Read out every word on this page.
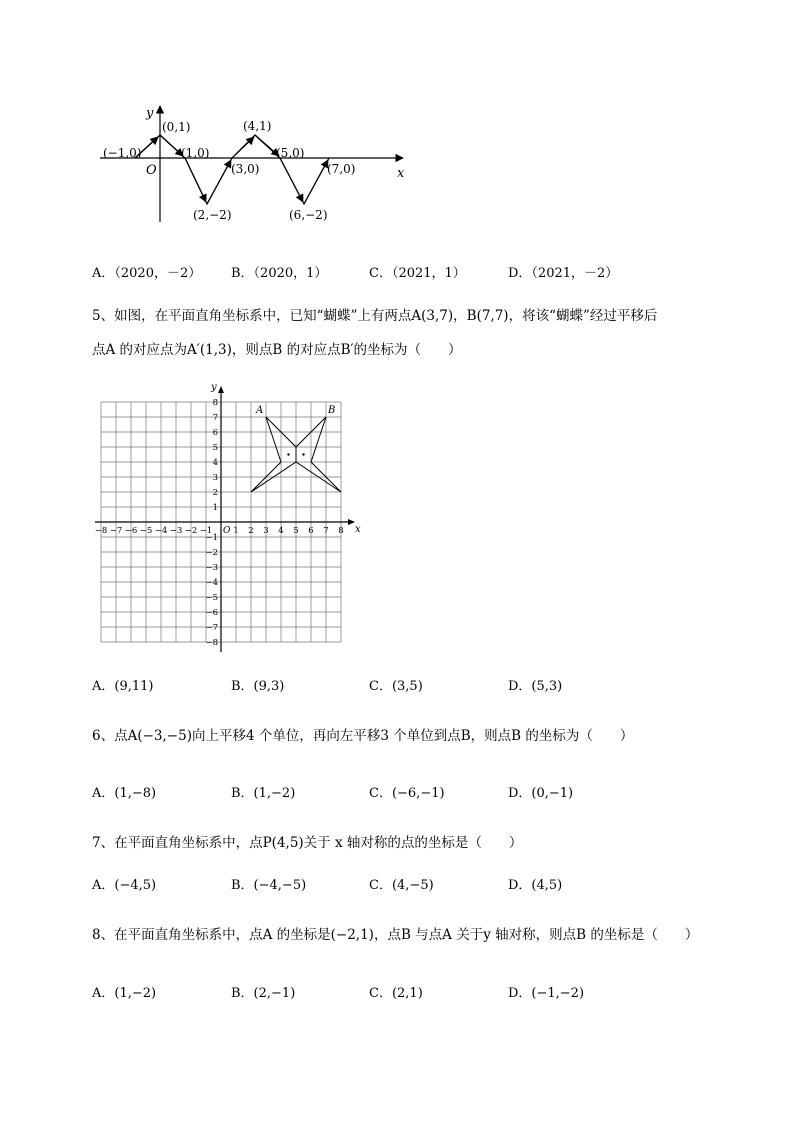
y
x
O
(−1,0)
(0,1)
(1,0)
(2,−2)
(3,0)
(4,1)
(5,0)
(6,−2)
(7,0)
A．（2020，－2） B．（2020，1）	C．（2021，1）	D．（2021，－2）
5、如图，在平面直角坐标系中，已知“蝴蝶”上有两点A(3,7)，B(7,7)，将该“蝴蝶”经过平移后
点A 的对应点为A′(1,3)，则点B 的对应点B′的坐标为（　　）
−8 −7 −6 −5 −4 −3 −2 −1 1 2 3 4 5 6 7 8
8
7
6
5
4
3
2
1
−1
−2
−3
−4
−5
−6
−7
−8
x
y
O
A	B
A．(9,11)	B．(9,3)	C．(3,5)	D．(5,3)
6、点A(−3,−5)向上平移4 个单位，再向左平移3 个单位到点B，则点B 的坐标为（　　）
A．(1,−8)	B．(1,−2)	C．(−6,−1)	D．(0,−1)
7、在平面直角坐标系中，点P(4,5)关于 x 轴对称的点的坐标是（　　）
A．(−4,5)	B．(−4,−5)	C．(4,−5)	D．(4,5)
8、在平面直角坐标系中，点A 的坐标是(−2,1)，点B 与点A 关于y 轴对称，则点B 的坐标是（　　）
A．(1,−2)	B．(2,−1)	C．(2,1)	D．(−1,−2)
